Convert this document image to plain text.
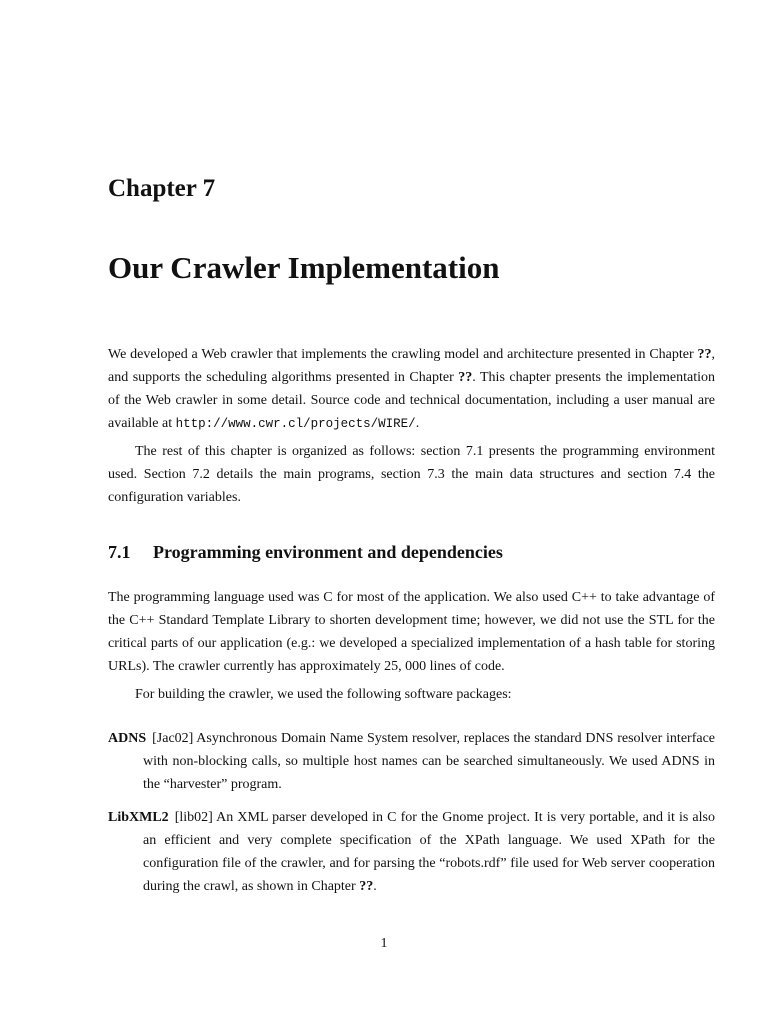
Chapter 7
Our Crawler Implementation

We developed a Web crawler that implements the crawling model and architecture presented in Chapter ??, and supports the scheduling algorithms presented in Chapter ??. This chapter presents the implementation of the Web crawler in some detail. Source code and technical documentation, including a user manual are available at http://www.cwr.cl/projects/WIRE/.

The rest of this chapter is organized as follows: section 7.1 presents the programming environment used. Section 7.2 details the main programs, section 7.3 the main data structures and section 7.4 the configuration variables.

7.1 Programming environment and dependencies

The programming language used was C for most of the application. We also used C++ to take advantage of the C++ Standard Template Library to shorten development time; however, we did not use the STL for the critical parts of our application (e.g.: we developed a specialized implementation of a hash table for storing URLs). The crawler currently has approximately 25, 000 lines of code.

For building the crawler, we used the following software packages:

ADNS [Jac02] Asynchronous Domain Name System resolver, replaces the standard DNS resolver interface with non-blocking calls, so multiple host names can be searched simultaneously. We used ADNS in the “harvester” program.

LibXML2 [lib02] An XML parser developed in C for the Gnome project. It is very portable, and it is also an efficient and very complete specification of the XPath language. We used XPath for the configuration file of the crawler, and for parsing the “robots.rdf” file used for Web server cooperation during the crawl, as shown in Chapter ??.

1
